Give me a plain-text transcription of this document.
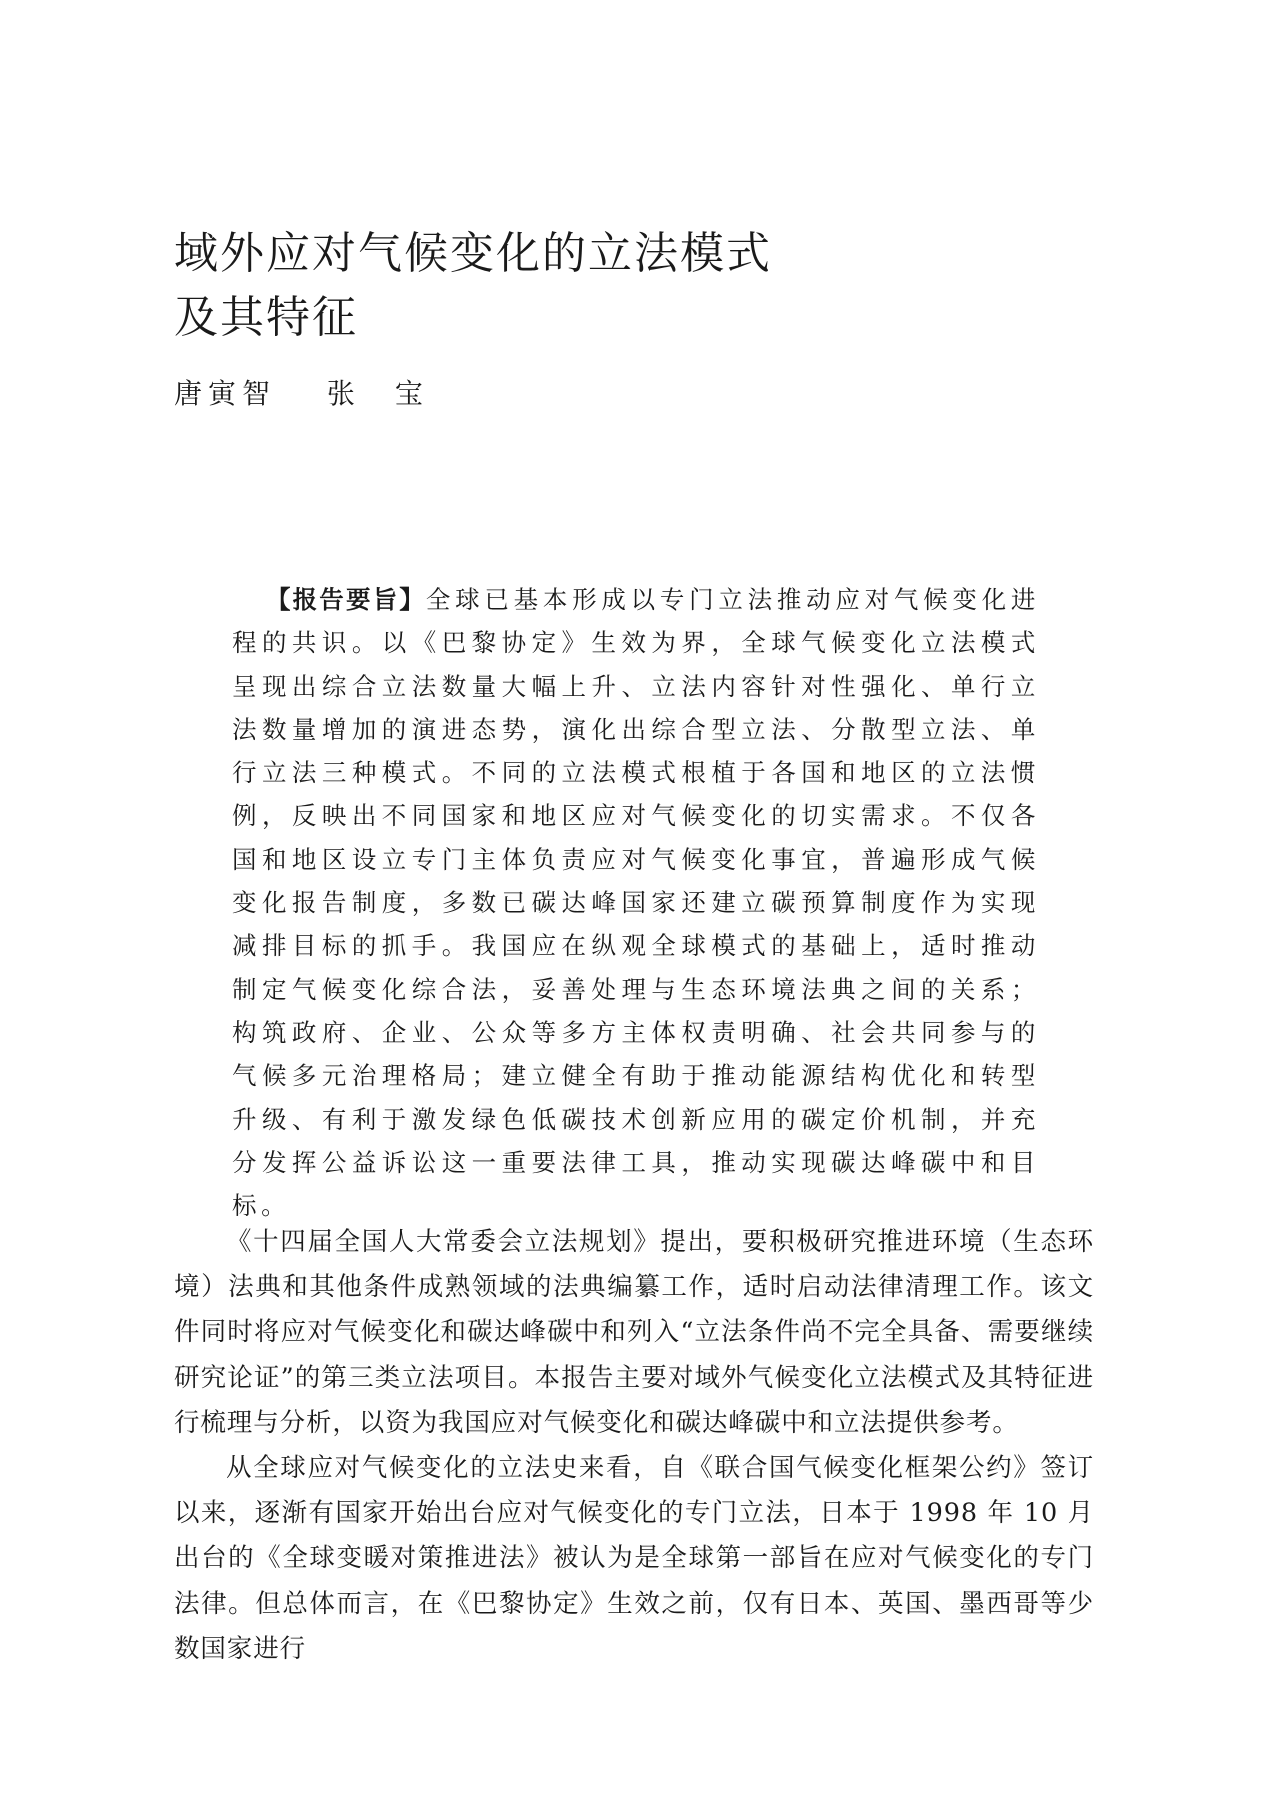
域外应对气候变化的立法模式
及其特征
唐寅智 张　宝
【报告要旨】全球已基本形成以专门立法推动应对气候变化进程的共识。以《巴黎协定》生效为界，全球气候变化立法模式呈现出综合立法数量大幅上升、立法内容针对性强化、单行立法数量增加的演进态势，演化出综合型立法、分散型立法、单行立法三种模式。不同的立法模式根植于各国和地区的立法惯例，反映出不同国家和地区应对气候变化的切实需求。不仅各国和地区设立专门主体负责应对气候变化事宜，普遍形成气候变化报告制度，多数已碳达峰国家还建立碳预算制度作为实现减排目标的抓手。我国应在纵观全球模式的基础上，适时推动制定气候变化综合法，妥善处理与生态环境法典之间的关系；构筑政府、企业、公众等多方主体权责明确、社会共同参与的气候多元治理格局；建立健全有助于推动能源结构优化和转型升级、有利于激发绿色低碳技术创新应用的碳定价机制，并充分发挥公益诉讼这一重要法律工具，推动实现碳达峰碳中和目标。

《十四届全国人大常委会立法规划》提出，要积极研究推进环境（生态环境）法典和其他条件成熟领域的法典编纂工作，适时启动法律清理工作。该文件同时将应对气候变化和碳达峰碳中和列入“立法条件尚不完全具备、需要继续研究论证”的第三类立法项目。本报告主要对域外气候变化立法模式及其特征进行梳理与分析，以资为我国应对气候变化和碳达峰碳中和立法提供参考。

从全球应对气候变化的立法史来看，自《联合国气候变化框架公约》签订以来，逐渐有国家开始出台应对气候变化的专门立法，日本于 1998 年 10 月出台的《全球变暖对策推进法》被认为是全球第一部旨在应对气候变化的专门法律。但总体而言，在《巴黎协定》生效之前，仅有日本、英国、墨西哥等少数国家进行
